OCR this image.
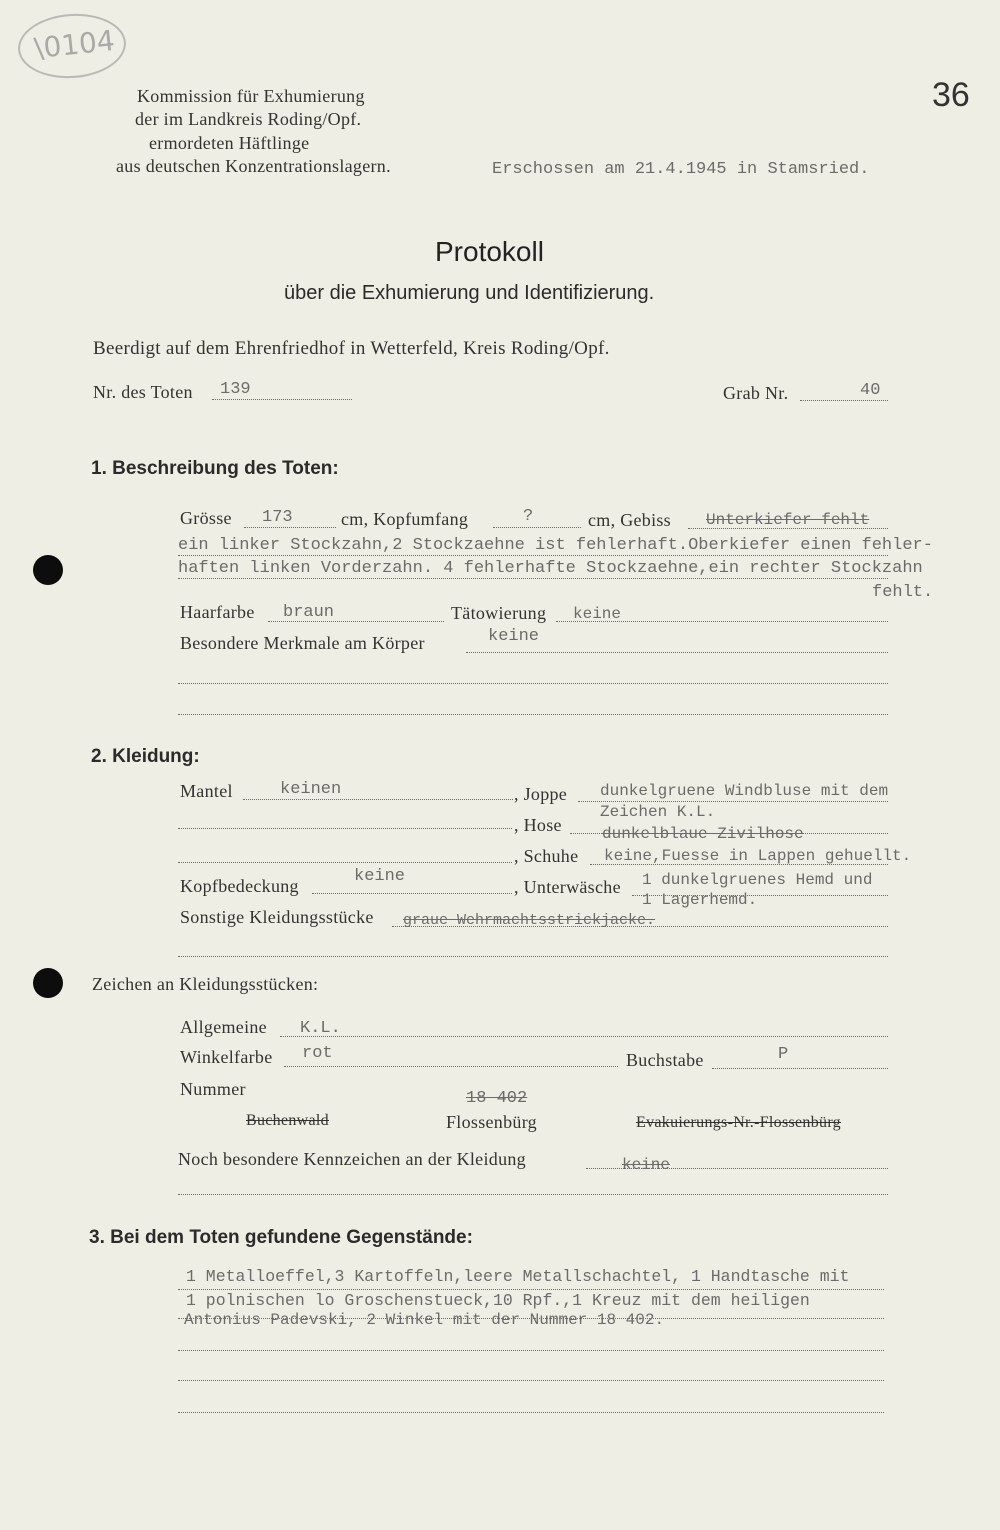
\0104
36
Kommission für Exhumierung
der im Landkreis Roding/Opf.
ermordeten Häftlinge
aus deutschen Konzentrationslagern.	Erschossen am 21.4.1945 in Stamsried.
Protokoll
über die Exhumierung und Identifizierung.
Beerdigt auf dem Ehrenfriedhof in Wetterfeld, Kreis Roding/Opf.
Nr. des Toten 139	Grab Nr.	40
1. Beschreibung des Toten:
Grösse 173	cm, Kopfumfang	?	cm, Gebiss Unterkiefer fehlt
ein linker Stockzahn,2 Stockzaehne ist fehlerhaft.Oberkiefer einen fehler-
haften linken Vorderzahn. 4 fehlerhafte Stockzaehne,ein rechter Stockzahn
fehlt.
Haarfarbe braun	Tätowierung keine
Besondere Merkmale am Körper	keine
2. Kleidung:
Mantel	keinen	, Joppe dunkelgruene Windbluse mit dem
Zeichen K.L.
, Hose	dunkelblaue Zivilhose
, Schuhe keine,Fuesse in Lappen gehuellt.
Kopfbedeckung	keine
, Unterwäsche 1 dunkelgruenes Hemd und
1 Lagerhemd.
Sonstige Kleidungsstücke graue Wehrmachtsstrickjacke.
Zeichen an Kleidungsstücken:
Allgemeine K.L.
Winkelfarbe rot	Buchstabe	P
Nummer	18 402
Buchenwald	Flossenbürg	Evakuierungs-Nr.-Flossenbürg
Noch besondere Kennzeichen an der Kleidung	keine
3. Bei dem Toten gefundene Gegenstände:
1 Metalloeffel,3 Kartoffeln,leere Metallschachtel, 1 Handtasche mit
1 polnischen lo Groschenstueck,10 Rpf.,1 Kreuz mit dem heiligen
Antonius Padevski, 2 Winkel mit der Nummer 18 402.
